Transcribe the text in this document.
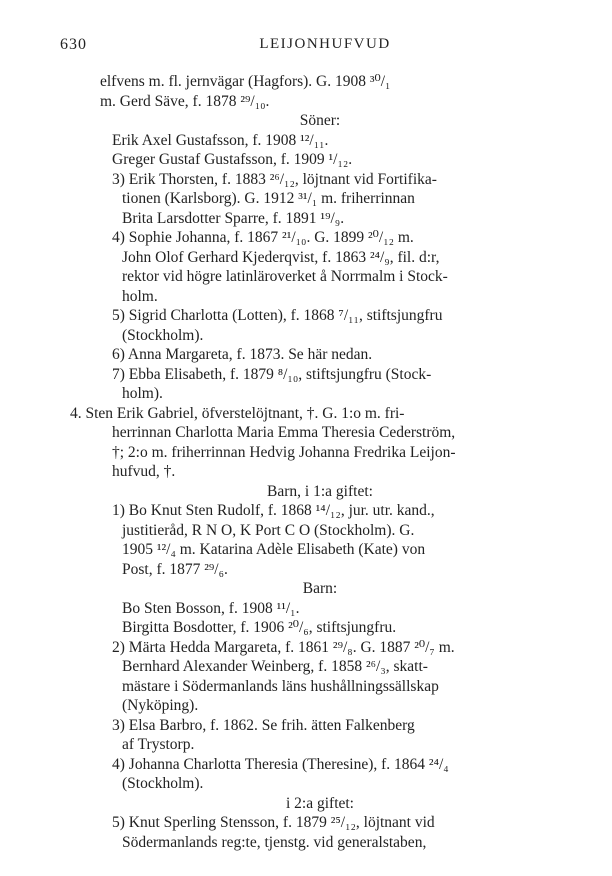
630	LEIJONHUFVUD
elfvens m. fl. jernvägar (Hagfors). G. 1908 ³⁰/₁
m. Gerd Säve, f. 1878 ²⁹/₁₀.
Söner:
Erik Axel Gustafsson, f. 1908 ¹²/₁₁.
Greger Gustaf Gustafsson, f. 1909 ¹/₁₂.
3) Erik Thorsten, f. 1883 ²⁶/₁₂, löjtnant vid Fortifika-
tionen (Karlsborg). G. 1912 ³¹/₁ m. friherrinnan
Brita Larsdotter Sparre, f. 1891 ¹⁹/₉.
4) Sophie Johanna, f. 1867 ²¹/₁₀. G. 1899 ²⁰/₁₂ m.
John Olof Gerhard Kjederqvist, f. 1863 ²⁴/₉, fil. d:r,
rektor vid högre latinläroverket å Norrmalm i Stock-
holm.
5) Sigrid Charlotta (Lotten), f. 1868 ⁷/₁₁, stiftsjungfru
(Stockholm).
6) Anna Margareta, f. 1873. Se här nedan.
7) Ebba Elisabeth, f. 1879 ⁸/₁₀, stiftsjungfru (Stock-
holm).
4. Sten Erik Gabriel, öfverstelöjtnant, †. G. 1:o m. fri-
herrinnan Charlotta Maria Emma Theresia Cederström,
†; 2:o m. friherrinnan Hedvig Johanna Fredrika Leijon-
hufvud, †.
Barn, i 1:a giftet:
1) Bo Knut Sten Rudolf, f. 1868 ¹⁴/₁₂, jur. utr. kand.,
justitieråd, R N O, K Port C O (Stockholm). G.
1905 ¹²/₄ m. Katarina Adèle Elisabeth (Kate) von
Post, f. 1877 ²⁹/₆.
Barn:
Bo Sten Bosson, f. 1908 ¹¹/₁.
Birgitta Bosdotter, f. 1906 ²⁰/₆, stiftsjungfru.
2) Märta Hedda Margareta, f. 1861 ²⁹/₈. G. 1887 ²⁰/₇ m.
Bernhard Alexander Weinberg, f. 1858 ²⁶/₃, skatt-
mästare i Södermanlands läns hushållningssällskap
(Nyköping).
3) Elsa Barbro, f. 1862. Se frih. ätten Falkenberg
af Trystorp.
4) Johanna Charlotta Theresia (Theresine), f. 1864 ²⁴/₄
(Stockholm).
i 2:a giftet:
5) Knut Sperling Stensson, f. 1879 ²⁵/₁₂, löjtnant vid
Södermanlands reg:te, tjenstg. vid generalstaben,
